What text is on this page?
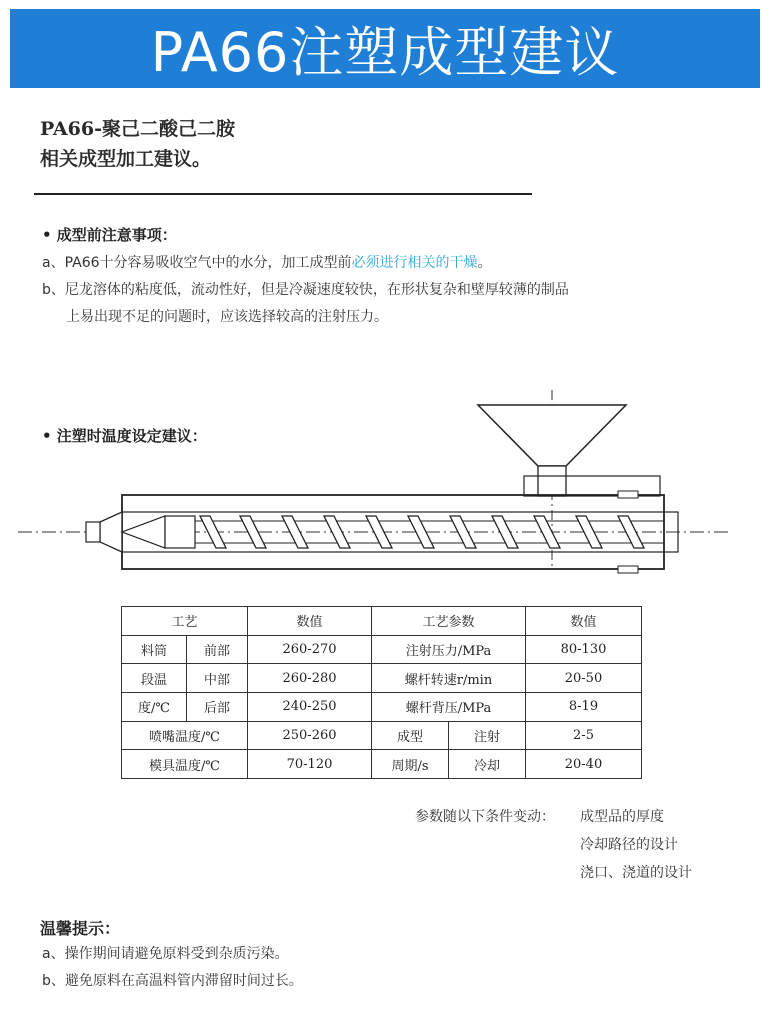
PA66注塑成型建议
PA66-聚己二酸己二胺
相关成型加工建议。
• 成型前注意事项：
a、PA66十分容易吸收空气中的水分，加工成型前必须进行相关的干燥。
b、尼龙溶体的粘度低，流动性好，但是冷凝速度较快，在形状复杂和壁厚较薄的制品
上易出现不足的问题时，应该选择较高的注射压力。
• 注塑时温度设定建议：
工艺		数值	工艺参数		数值
料筒	前部	260-270	注射压力/MPa		80-130
段温	中部	260-280	螺杆转速r/min		20-50
度/℃	后部	240-250	螺杆背压/MPa		8-19
喷嘴温度/℃		250-260	成型	注射	2-5
模具温度/℃		70-120	周期/s	冷却	20-40
参数随以下条件变动： 成型品的厚度
冷却路径的设计
浇口、浇道的设计
温馨提示：
a、操作期间请避免原料受到杂质污染。
b、避免原料在高温料管内滞留时间过长。
